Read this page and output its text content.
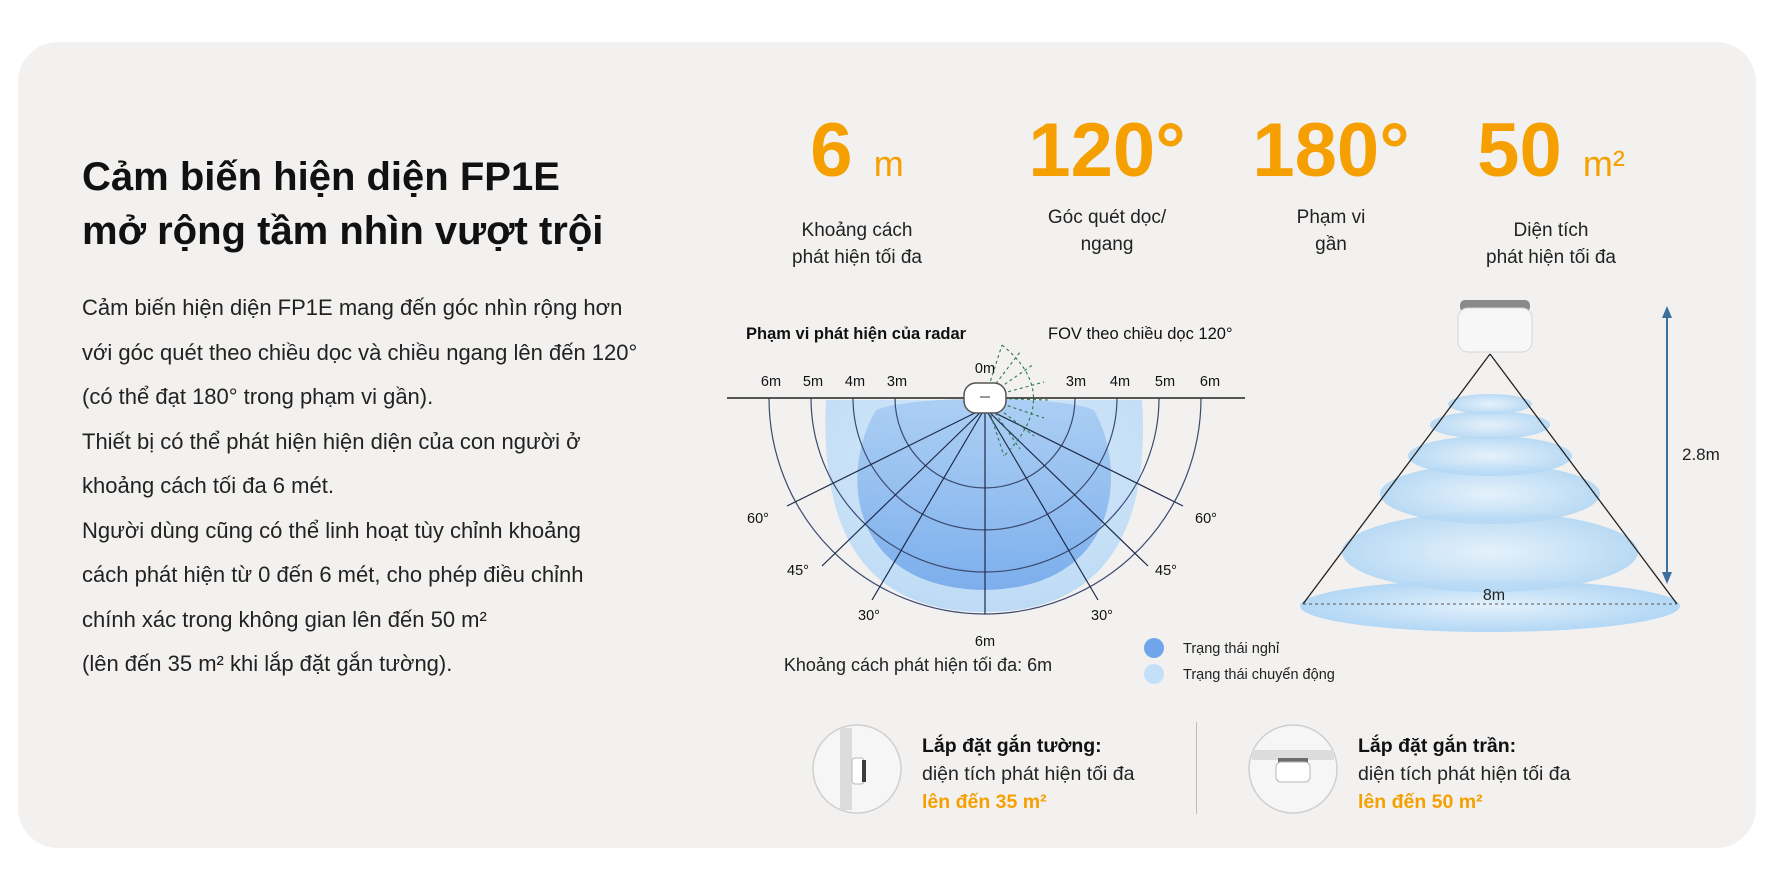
Cảm biến hiện diện FP1E
mở rộng tầm nhìn vượt trội
Cảm biến hiện diện FP1E mang đến góc nhìn rộng hơn
với góc quét theo chiều dọc và chiều ngang lên đến 120°
(có thể đạt 180° trong phạm vi gần).
Thiết bị có thể phát hiện hiện diện của con người ở
khoảng cách tối đa 6 mét.
Người dùng cũng có thể linh hoạt tùy chỉnh khoảng
cách phát hiện từ 0 đến 6 mét, cho phép điều chỉnh
chính xác trong không gian lên đến 50 m²
(lên đến 35 m² khi lắp đặt gắn tường).
6 m
Khoảng cách
phát hiện tối đa
120°
Góc quét dọc/
ngang
180°
Phạm vi
gần
50 m²
Diện tích
phát hiện tối đa
Phạm vi phát hiện của radar	FOV theo chiều dọc 120°
0m
6m 5m 4m 3m	3m 4m 5m 6m
6m
60°	60°
45°	45°
30°	30°
Khoảng cách phát hiện tối đa: 6m
Trạng thái nghỉ
Trạng thái chuyển động
8m
2.8m
Lắp đặt gắn tường:
diện tích phát hiện tối đa
lên đến 35 m²
Lắp đặt gắn trần:
diện tích phát hiện tối đa
lên đến 50 m²
